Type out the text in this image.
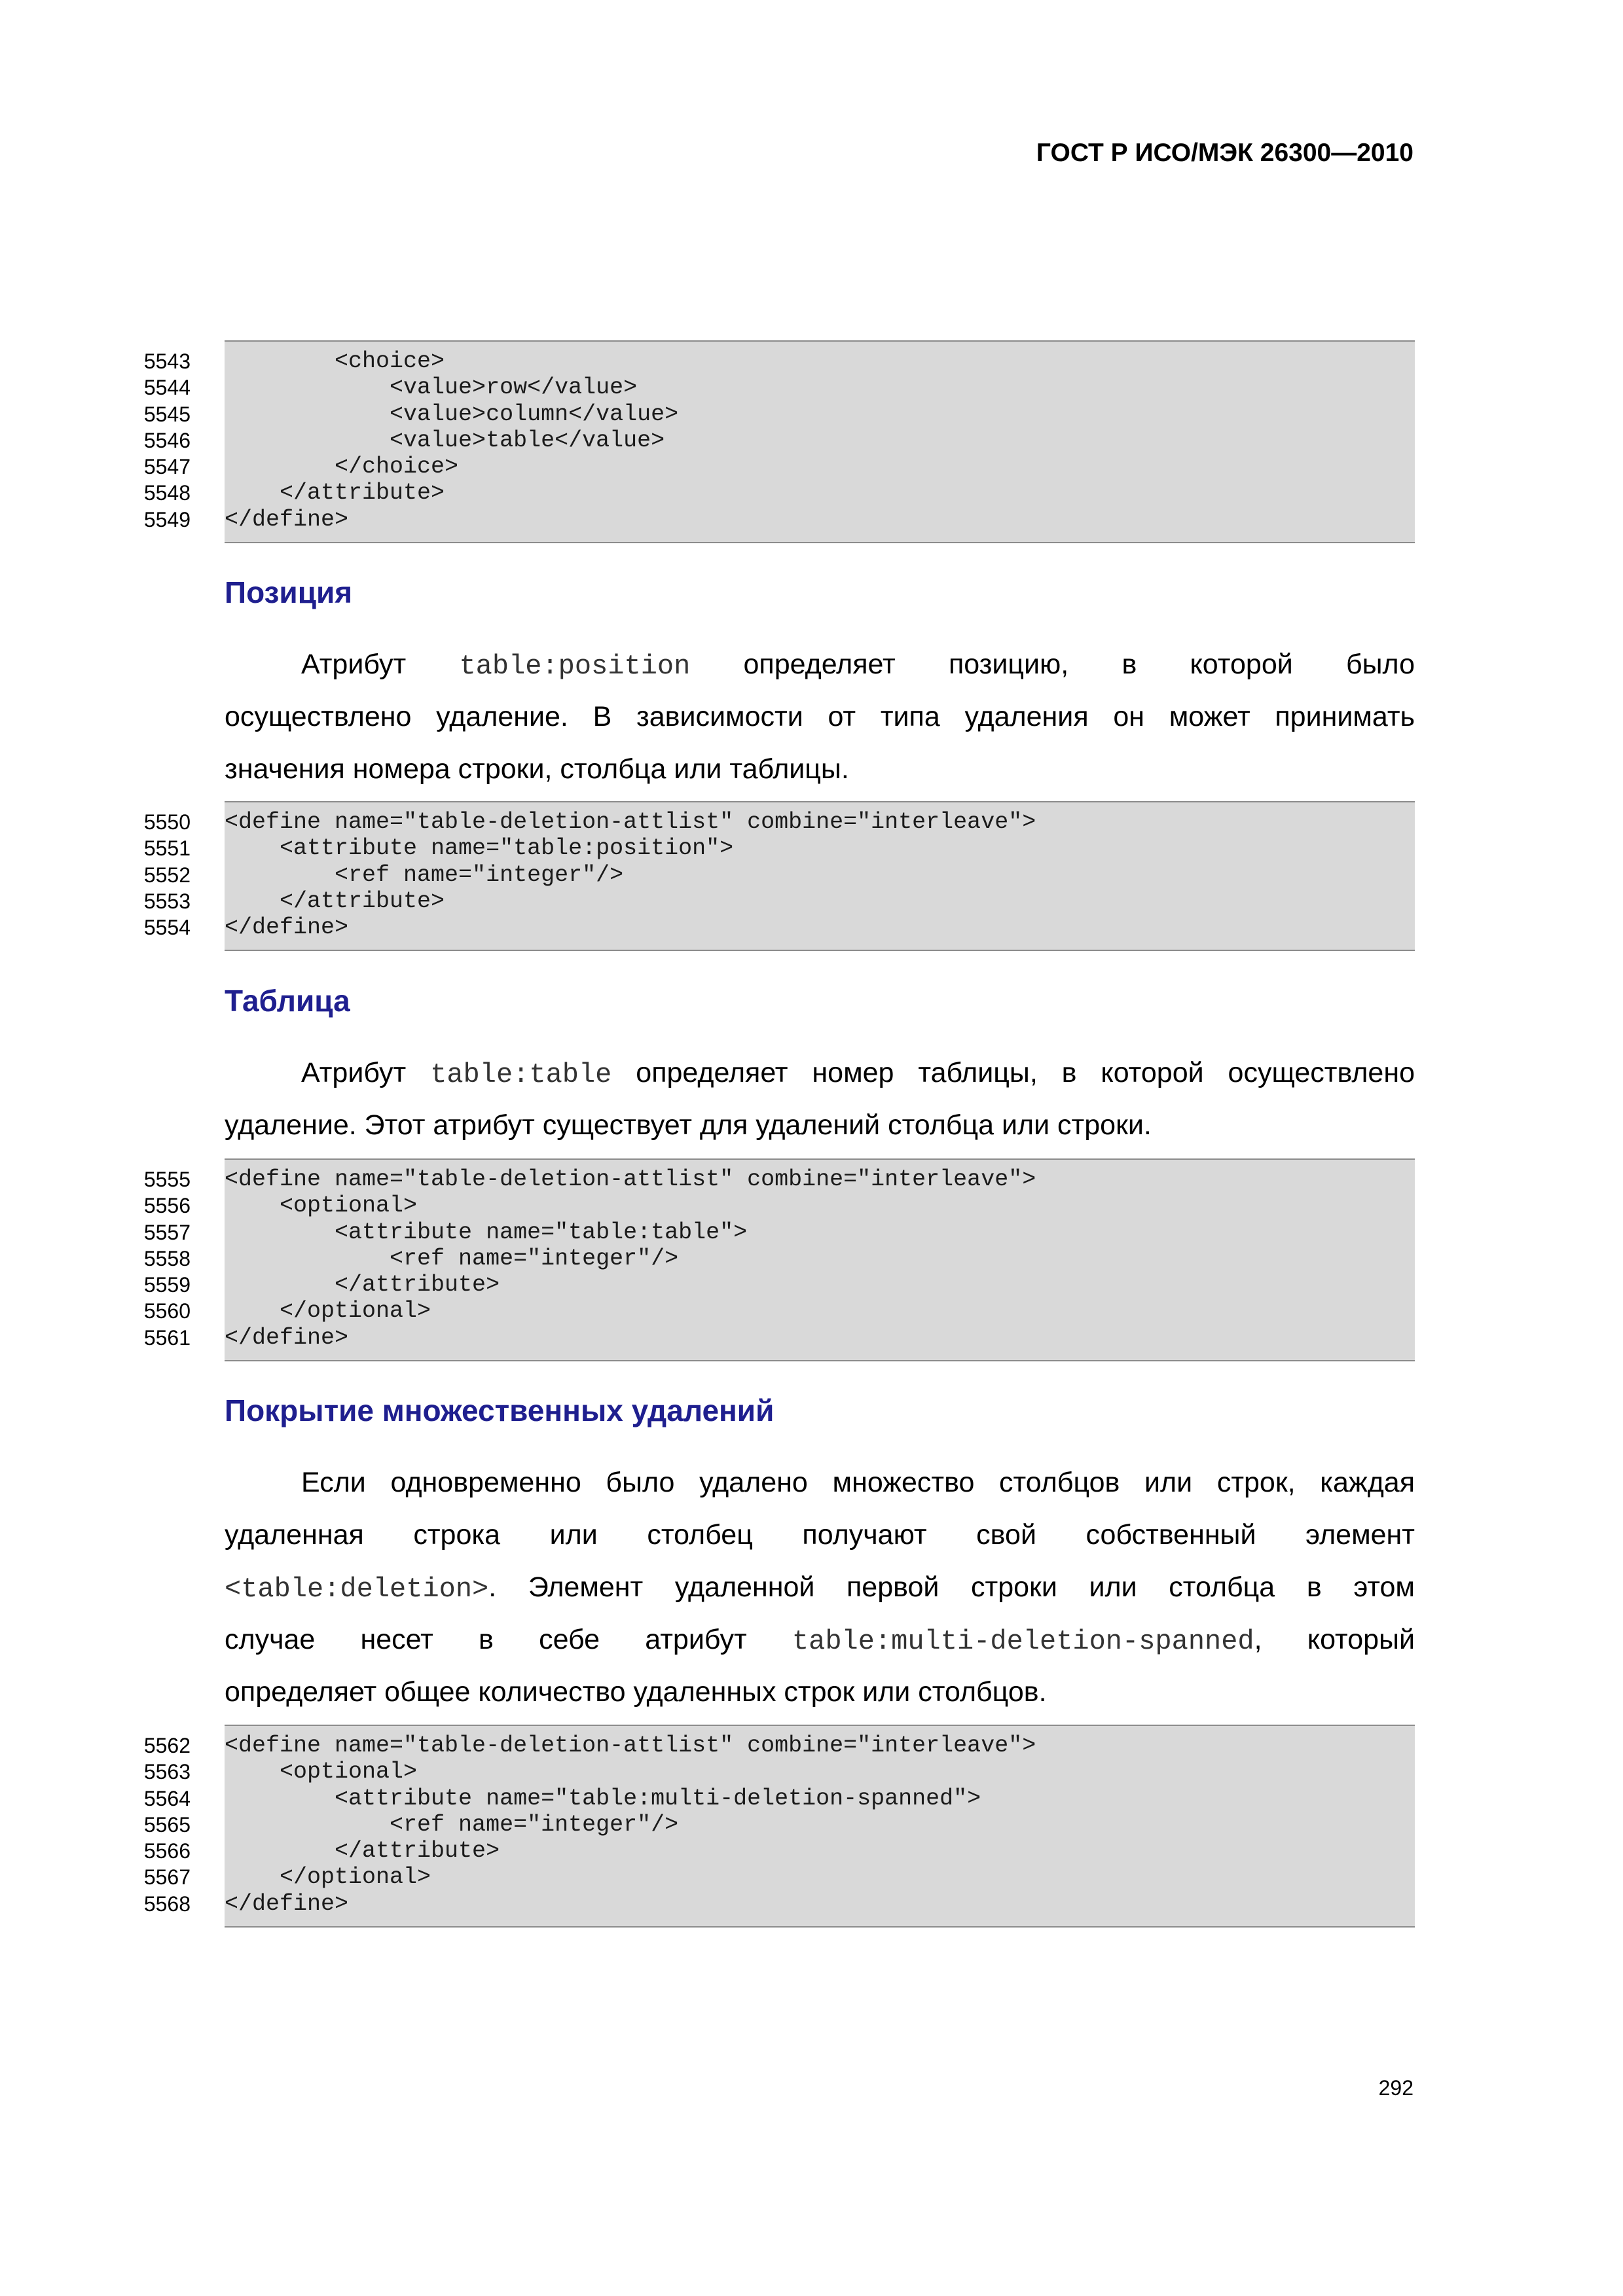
ГОСТ Р ИСО/МЭК 26300—2010
5543 <choice>
5544 <value>row</value>
5545 <value>column</value>
5546 <value>table</value>
5547 </choice>
5548 </attribute>
5549 </define>
Позиция
Атрибут table:position определяет позицию, в которой было
осуществлено удаление. В зависимости от типа удаления он может принимать
значения номера строки, столбца или таблицы.
5550 <define name="table-deletion-attlist" combine="interleave">
5551 <attribute name="table:position">
5552 <ref name="integer"/>
5553 </attribute>
5554 </define>
Таблица
Атрибут table:table определяет номер таблицы, в которой осуществлено
удаление. Этот атрибут существует для удалений столбца или строки.
5555 <define name="table-deletion-attlist" combine="interleave">
5556 <optional>
5557 <attribute name="table:table">
5558 <ref name="integer"/>
5559 </attribute>
5560 </optional>
5561 </define>
Покрытие множественных удалений
Если одновременно было удалено множество столбцов или строк, каждая
удаленная строка или столбец получают свой собственный элемент
<table:deletion>. Элемент удаленной первой строки или столбца в этом
случае несет в себе атрибут table:multi-deletion-spanned, который
определяет общее количество удаленных строк или столбцов.
5562 <define name="table-deletion-attlist" combine="interleave">
5563 <optional>
5564 <attribute name="table:multi-deletion-spanned">
5565 <ref name="integer"/>
5566 </attribute>
5567 </optional>
5568 </define>
292
